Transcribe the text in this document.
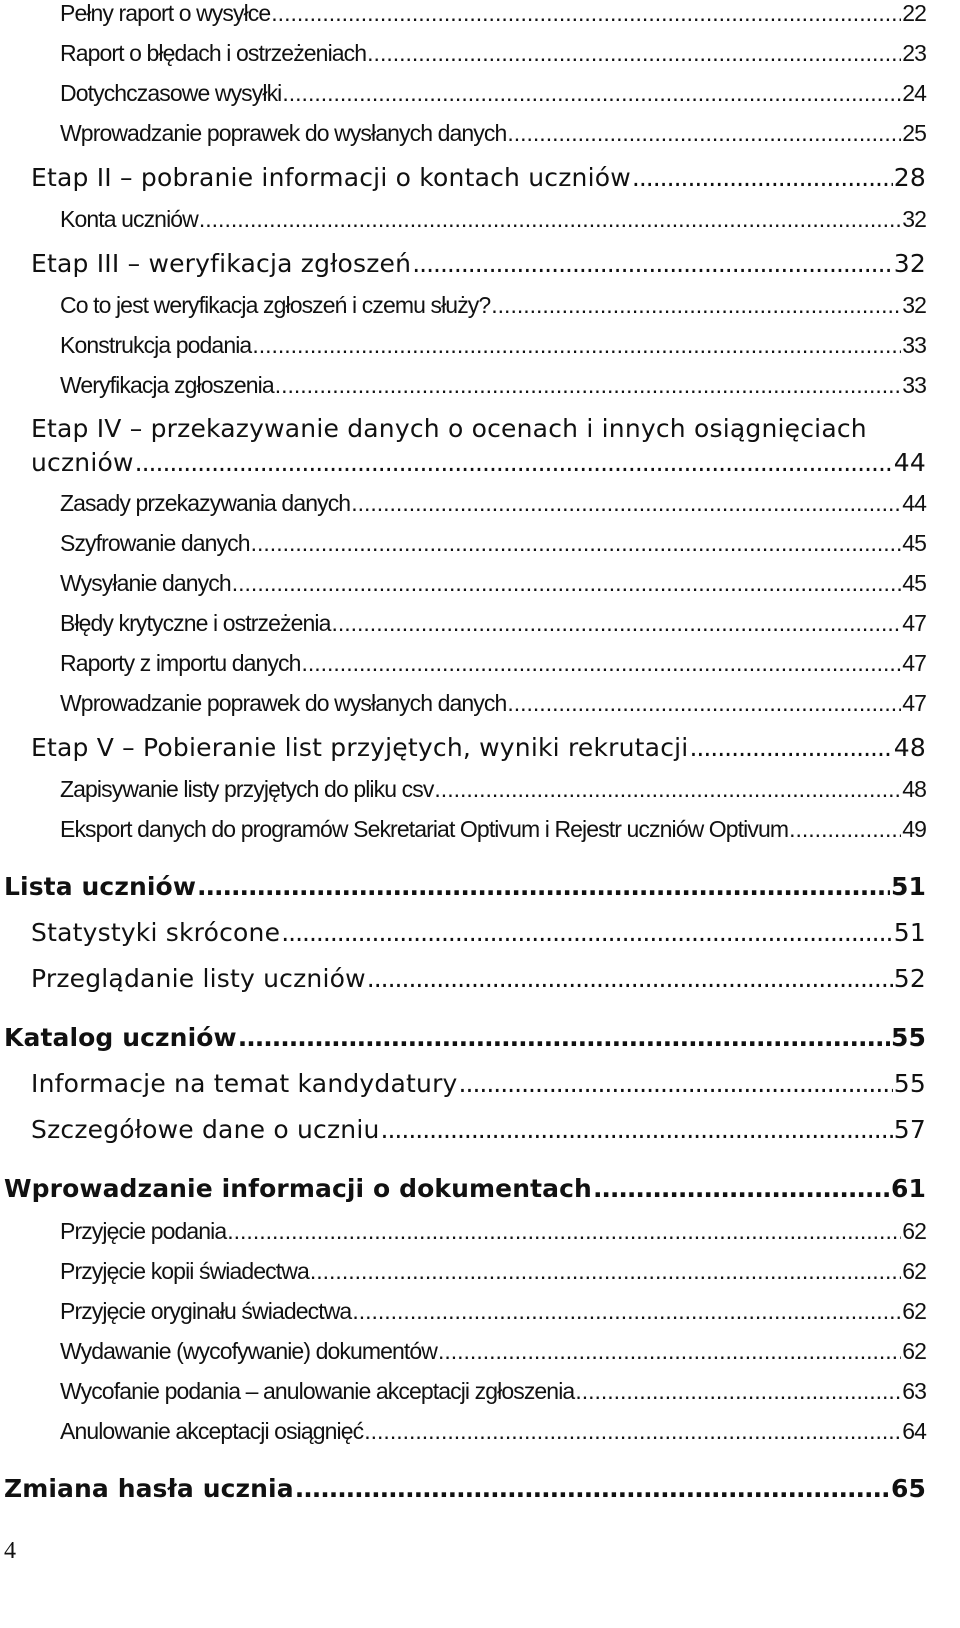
Pełny raport o wysyłce .....	22
Raport o błędach i ostrzeżeniach .....	23
Dotychczasowe wysyłki .....	24
Wprowadzanie poprawek do wysłanych danych .....	25
Etap II – pobranie informacji o kontach uczniów .....	28
Konta uczniów .....	32
Etap III – weryfikacja zgłoszeń .....	32
Co to jest weryfikacja zgłoszeń i czemu służy? .....	32
Konstrukcja podania .....	33
Weryfikacja zgłoszenia .....	33
Etap IV – przekazywanie danych o ocenach i innych osiągnięciach
uczniów .....	44
Zasady przekazywania danych .....	44
Szyfrowanie danych .....	45
Wysyłanie danych .....	45
Błędy krytyczne i ostrzeżenia .....	47
Raporty z importu danych .....	47
Wprowadzanie poprawek do wysłanych danych .....	47
Etap V – Pobieranie list przyjętych, wyniki rekrutacji .....	48
Zapisywanie listy przyjętych do pliku csv .....	48
Eksport danych do programów Sekretariat Optivum i Rejestr uczniów Optivum .....	49
Lista uczniów .....	51
Statystyki skrócone .....	51
Przeglądanie listy uczniów .....	52
Katalog uczniów .....	55
Informacje na temat kandydatury .....	55
Szczegółowe dane o uczniu .....	57
Wprowadzanie informacji o dokumentach .....	61
Przyjęcie podania .....	62
Przyjęcie kopii świadectwa .....	62
Przyjęcie oryginału świadectwa .....	62
Wydawanie (wycofywanie) dokumentów .....	62
Wycofanie podania – anulowanie akceptacji zgłoszenia .....	63
Anulowanie akceptacji osiągnięć .....	64
Zmiana hasła ucznia .....	65
4
